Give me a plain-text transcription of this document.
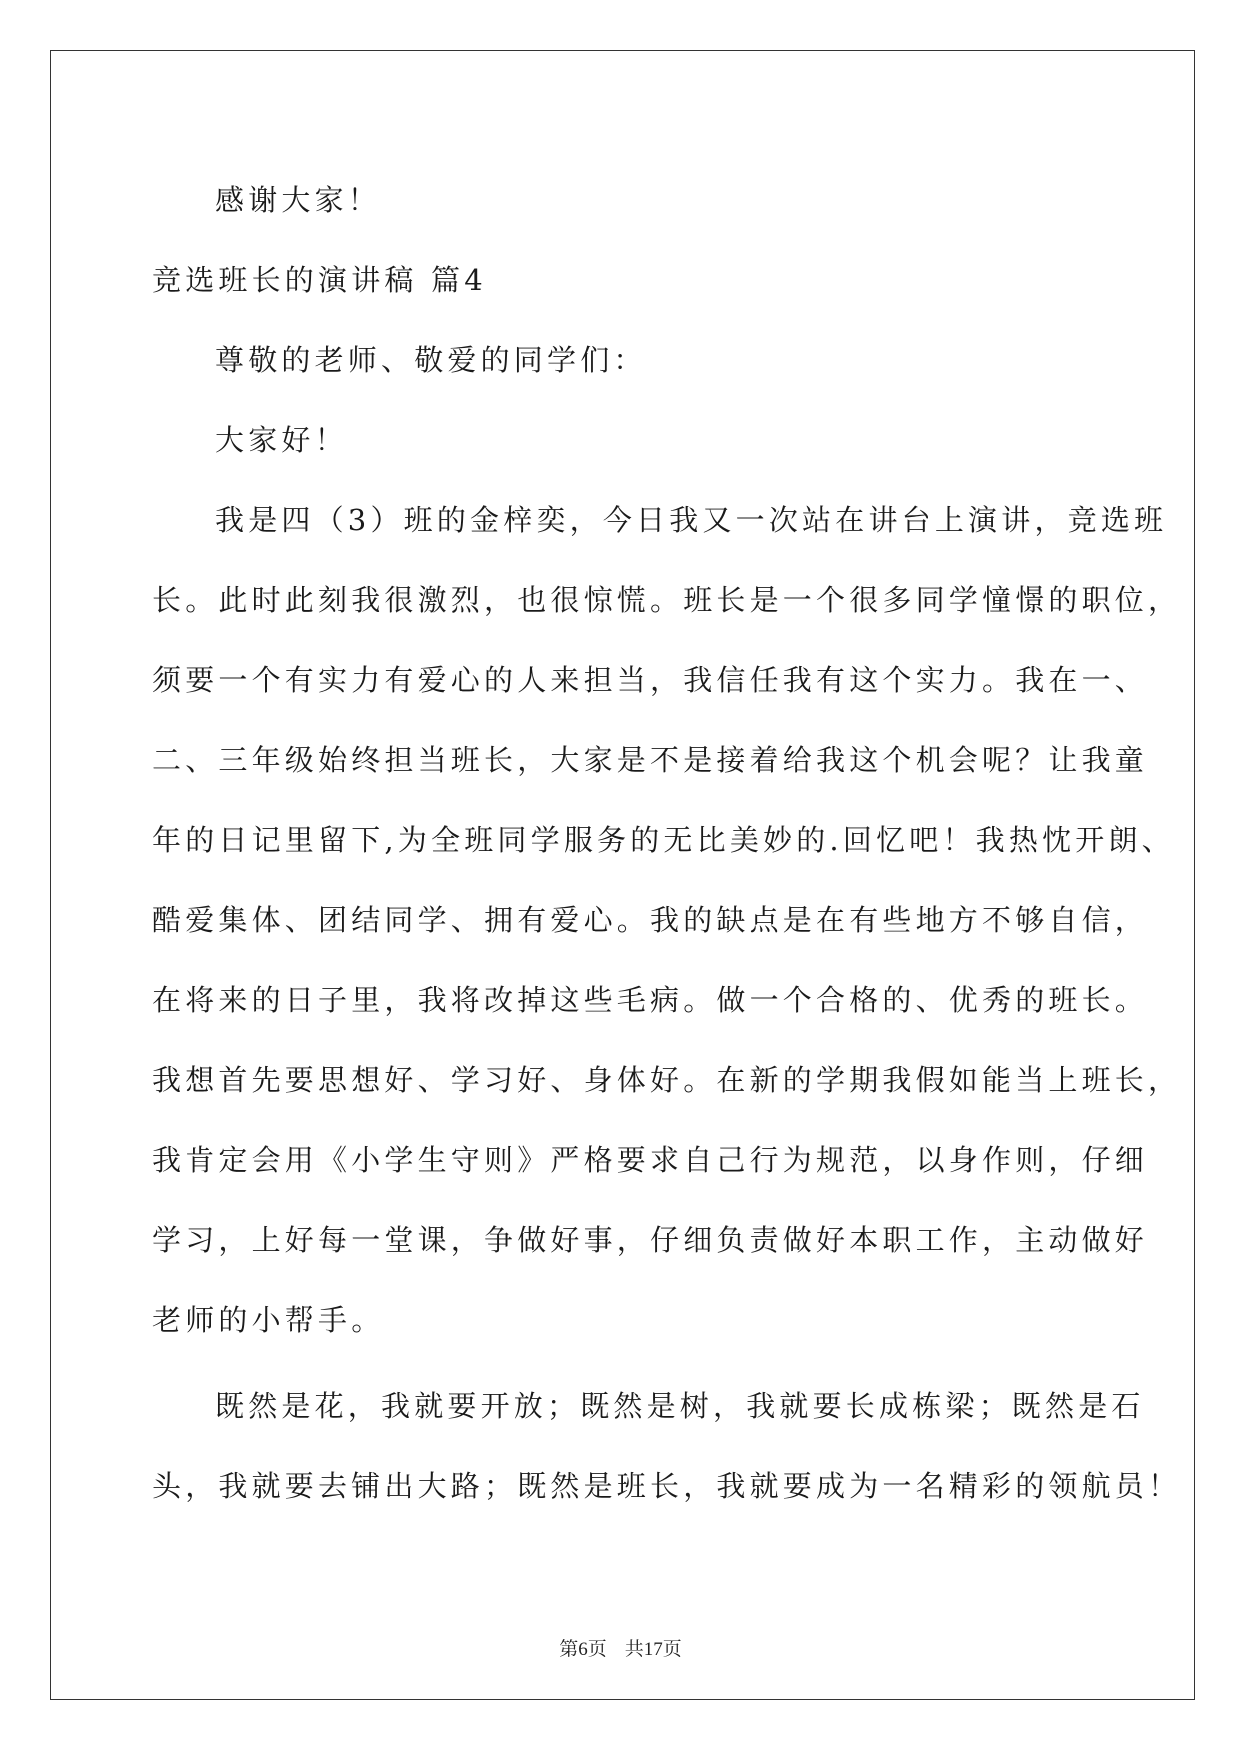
感谢大家！
竞选班长的演讲稿 篇4
尊敬的老师、敬爱的同学们：
大家好！
我是四（3）班的金梓奕，今日我又一次站在讲台上演讲，竞选班
长。此时此刻我很激烈，也很惊慌。班长是一个很多同学憧憬的职位，
须要一个有实力有爱心的人来担当，我信任我有这个实力。我在一、
二、三年级始终担当班长，大家是不是接着给我这个机会呢？让我童
年的日记里留下,为全班同学服务的无比美妙的.回忆吧！我热忱开朗、
酷爱集体、团结同学、拥有爱心。我的缺点是在有些地方不够自信，
在将来的日子里，我将改掉这些毛病。做一个合格的、优秀的班长。
我想首先要思想好、学习好、身体好。在新的学期我假如能当上班长，
我肯定会用《小学生守则》严格要求自己行为规范，以身作则，仔细
学习，上好每一堂课，争做好事，仔细负责做好本职工作，主动做好
老师的小帮手。
既然是花，我就要开放；既然是树，我就要长成栋梁；既然是石
头，我就要去铺出大路；既然是班长，我就要成为一名精彩的领航员！
第6页 共17页
